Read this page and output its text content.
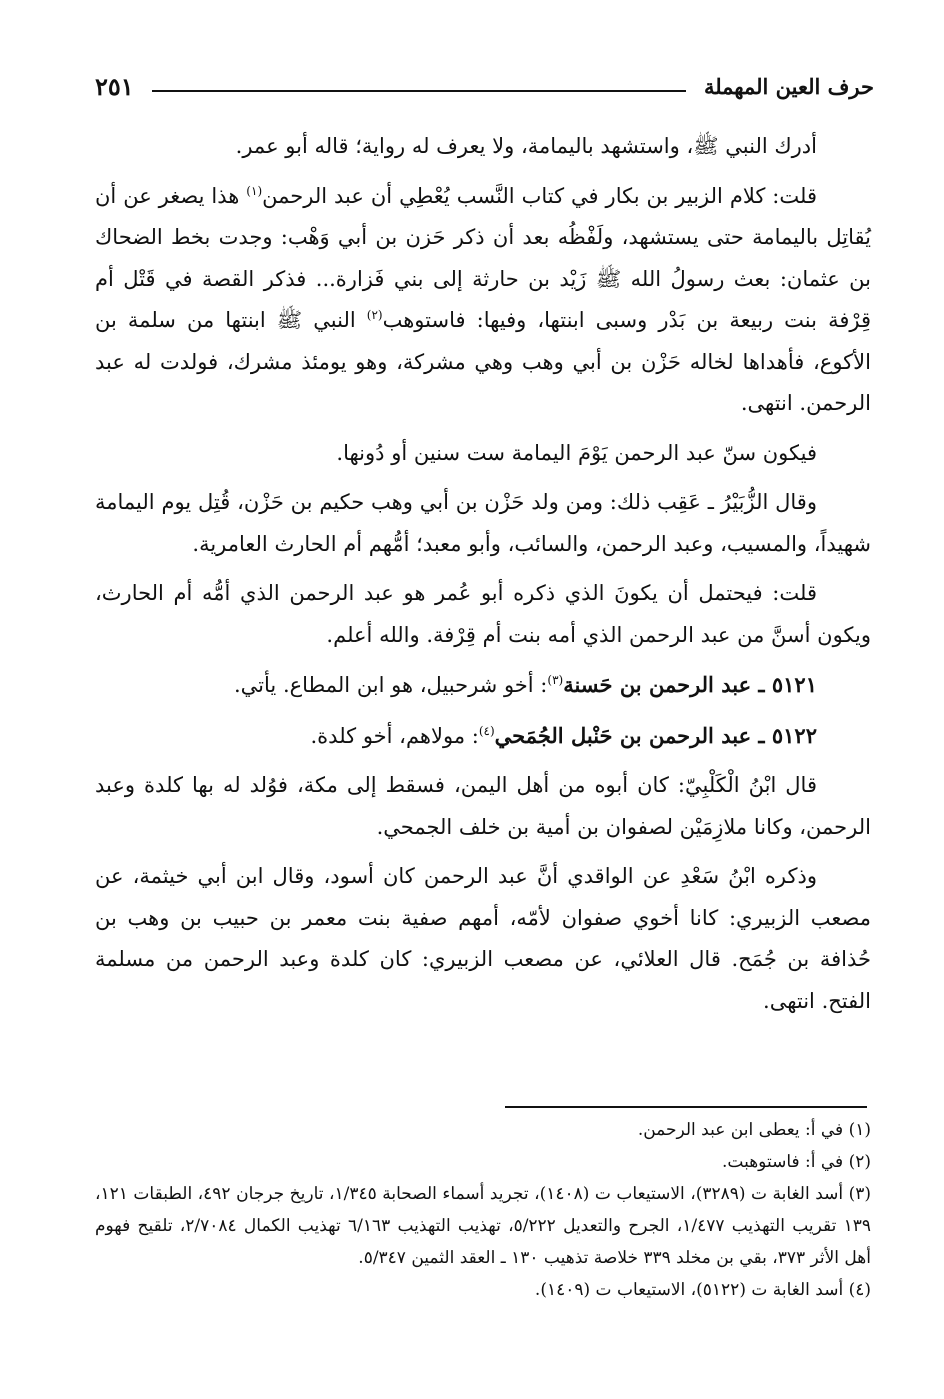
حرف العين المهملة
٢٥١

أدرك النبي ﷺ، واستشهد باليمامة، ولا يعرف له رواية؛ قاله أبو عمر.

قلت: كلام الزبير بن بكار في كتاب النَّسب يُعْطِي أن عبد الرحمن$^{(١)}$ هذا يصغر عن أن يُقاتِل باليمامة حتى يستشهد، ولَفْظُه بعد أن ذكر حَزن بن أبي وَهْب: وجدت بخط الضحاك بن عثمان: بعث رسولُ الله ﷺ زَيْد بن حارثة إلى بني فَزارة... فذكر القصة في قَتْل أم قِرْفة بنت ربيعة بن بَدْر وسبى ابنتها، وفيها: فاستوهب$^{(٢)}$ النبي ﷺ ابنتها من سلمة بن الأكوع، فأهداها لخاله حَزْن بن أبي وهب وهي مشركة، وهو يومئذ مشرك، فولدت له عبد الرحمن. انتهى.

فيكون سنّ عبد الرحمن يَوْمَ اليمامة ست سنين أو دُونها.

وقال الزُّبَيْرُ ـ عَقِب ذلك: ومن ولد حَزْن بن أبي وهب حكيم بن حَزْن، قُتِل يوم اليمامة شهيداً، والمسيب، وعبد الرحمن، والسائب، وأبو معبد؛ أمُّهم أم الحارث العامرية.

قلت: فيحتمل أن يكونَ الذي ذكره أبو عُمر هو عبد الرحمن الذي أمُّه أم الحارث، ويكون أسنَّ من عبد الرحمن الذي أمه بنت أم قِرْفة. والله أعلم.

٥١٢١ ـ عبد الرحمن بن حَسنة$^{(٣)}$: أخو شرحبيل، هو ابن المطاع. يأتي.

٥١٢٢ ـ عبد الرحمن بن حَنْبل الجُمَحي$^{(٤)}$: مولاهم، أخو كلدة.

قال ابْنُ الْكَلْبِيّ: كان أبوه من أهل اليمن، فسقط إلى مكة، فوُلد له بها كلدة وعبد الرحمن، وكانا ملازِمَيْن لصفوان بن أمية بن خلف الجمحي.

وذكره ابْنُ سَعْدِ عن الواقدي أنَّ عبد الرحمن كان أسود، وقال ابن أبي خيثمة، عن مصعب الزبيري: كانا أخوي صفوان لأمّه، أمهم صفية بنت معمر بن حبيب بن وهب بن حُذافة بن جُمَح. قال العلائي، عن مصعب الزبيري: كان كلدة وعبد الرحمن من مسلمة الفتح. انتهى.

(١) في أ: يعطى ابن عبد الرحمن.

(٢) في أ: فاستوهبت.

(٣) أسد الغابة ت (٣٢٨٩)، الاستيعاب ت (١٤٠٨)، تجريد أسماء الصحابة ١/٣٤٥، تاريخ جرجان ٤٩٢، الطبقات ١٢١، ١٣٩ تقريب التهذيب ١/٤٧٧، الجرح والتعديل ٥/٢٢٢، تهذيب التهذيب ٦/١٦٣ تهذيب الكمال ٢/٧٠٨٤، تلقيح فهوم أهل الأثر ٣٧٣، بقي بن مخلد ٣٣٩ خلاصة تذهيب ١٣٠ ـ العقد الثمين ٥/٣٤٧.

(٤) أسد الغابة ت (٥١٢٢)، الاستيعاب ت (١٤٠٩).
